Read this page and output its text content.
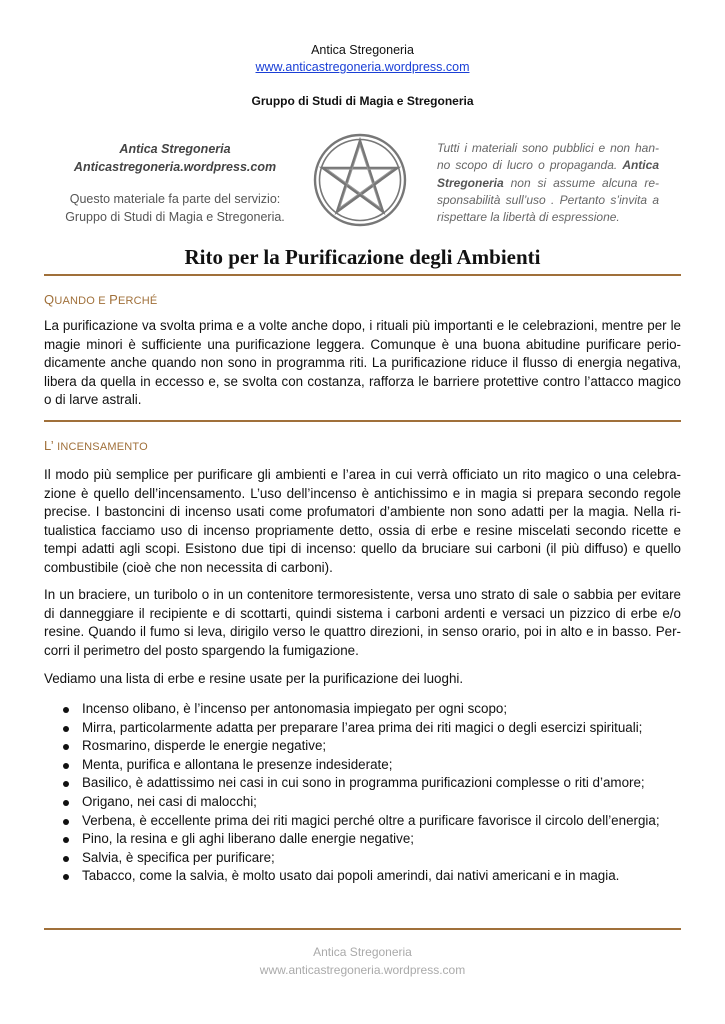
Antica Stregoneria
www.anticastregoneria.wordpress.com
Gruppo di Studi di Magia e Stregoneria
Antica Stregoneria
Anticastregoneria.wordpress.com
Questo materiale fa parte del servizio:
Gruppo di Studi di Magia e Stregoneria.
Tutti i materiali sono pubblici e non han-no scopo di lucro o propaganda. Antica Stregoneria non si assume alcuna re-sponsabilità sull’uso . Pertanto s’invita a rispettare la libertà di espressione.
Rito per la Purificazione degli Ambienti
QUANDO E PERCHÉ
La purificazione va svolta prima e a volte anche dopo, i rituali più importanti e le celebrazioni, mentre per le magie minori è sufficiente una purificazione leggera. Comunque è una buona abitudine purificare perio-dicamente anche quando non sono in programma riti. La purificazione riduce il flusso di energia negativa, libera da quella in eccesso e, se svolta con costanza, rafforza le barriere protettive contro l’attacco magico o di larve astrali.
L’ INCENSAMENTO
Il modo più semplice per purificare gli ambienti e l’area in cui verrà officiato un rito magico o una celebra-zione è quello dell’incensamento. L’uso dell’incenso è antichissimo e in magia si prepara secondo regole precise. I bastoncini di incenso usati come profumatori d’ambiente non sono adatti per la magia. Nella ri-tualistica facciamo uso di incenso propriamente detto, ossia di erbe e resine miscelati secondo ricette e tempi adatti agli scopi. Esistono due tipi di incenso: quello da bruciare sui carboni (il più diffuso) e quello combustibile (cioè che non necessita di carboni).
In un braciere, un turibolo o in un contenitore termoresistente, versa uno strato di sale o sabbia per evitare di danneggiare il recipiente e di scottarti, quindi sistema i carboni ardenti e versaci un pizzico di erbe e/o resine. Quando il fumo si leva, dirigilo verso le quattro direzioni, in senso orario, poi in alto e in basso. Per-corri il perimetro del posto spargendo la fumigazione.
Vediamo una lista di erbe e resine usate per la purificazione dei luoghi.
Incenso olibano, è l’incenso per antonomasia impiegato per ogni scopo;
Mirra, particolarmente adatta per preparare l’area prima dei riti magici o degli esercizi spirituali;
Rosmarino, disperde le energie negative;
Menta, purifica e allontana le presenze indesiderate;
Basilico, è adattissimo nei casi in cui sono in programma purificazioni complesse o riti d’amore;
Origano, nei casi di malocchi;
Verbena, è eccellente prima dei riti magici perché oltre a purificare favorisce il circolo dell’energia;
Pino, la resina e gli aghi liberano dalle energie negative;
Salvia, è specifica per purificare;
Tabacco, come la salvia, è molto usato dai popoli amerindi, dai nativi americani e in magia.
Antica Stregoneria
www.anticastregoneria.wordpress.com
